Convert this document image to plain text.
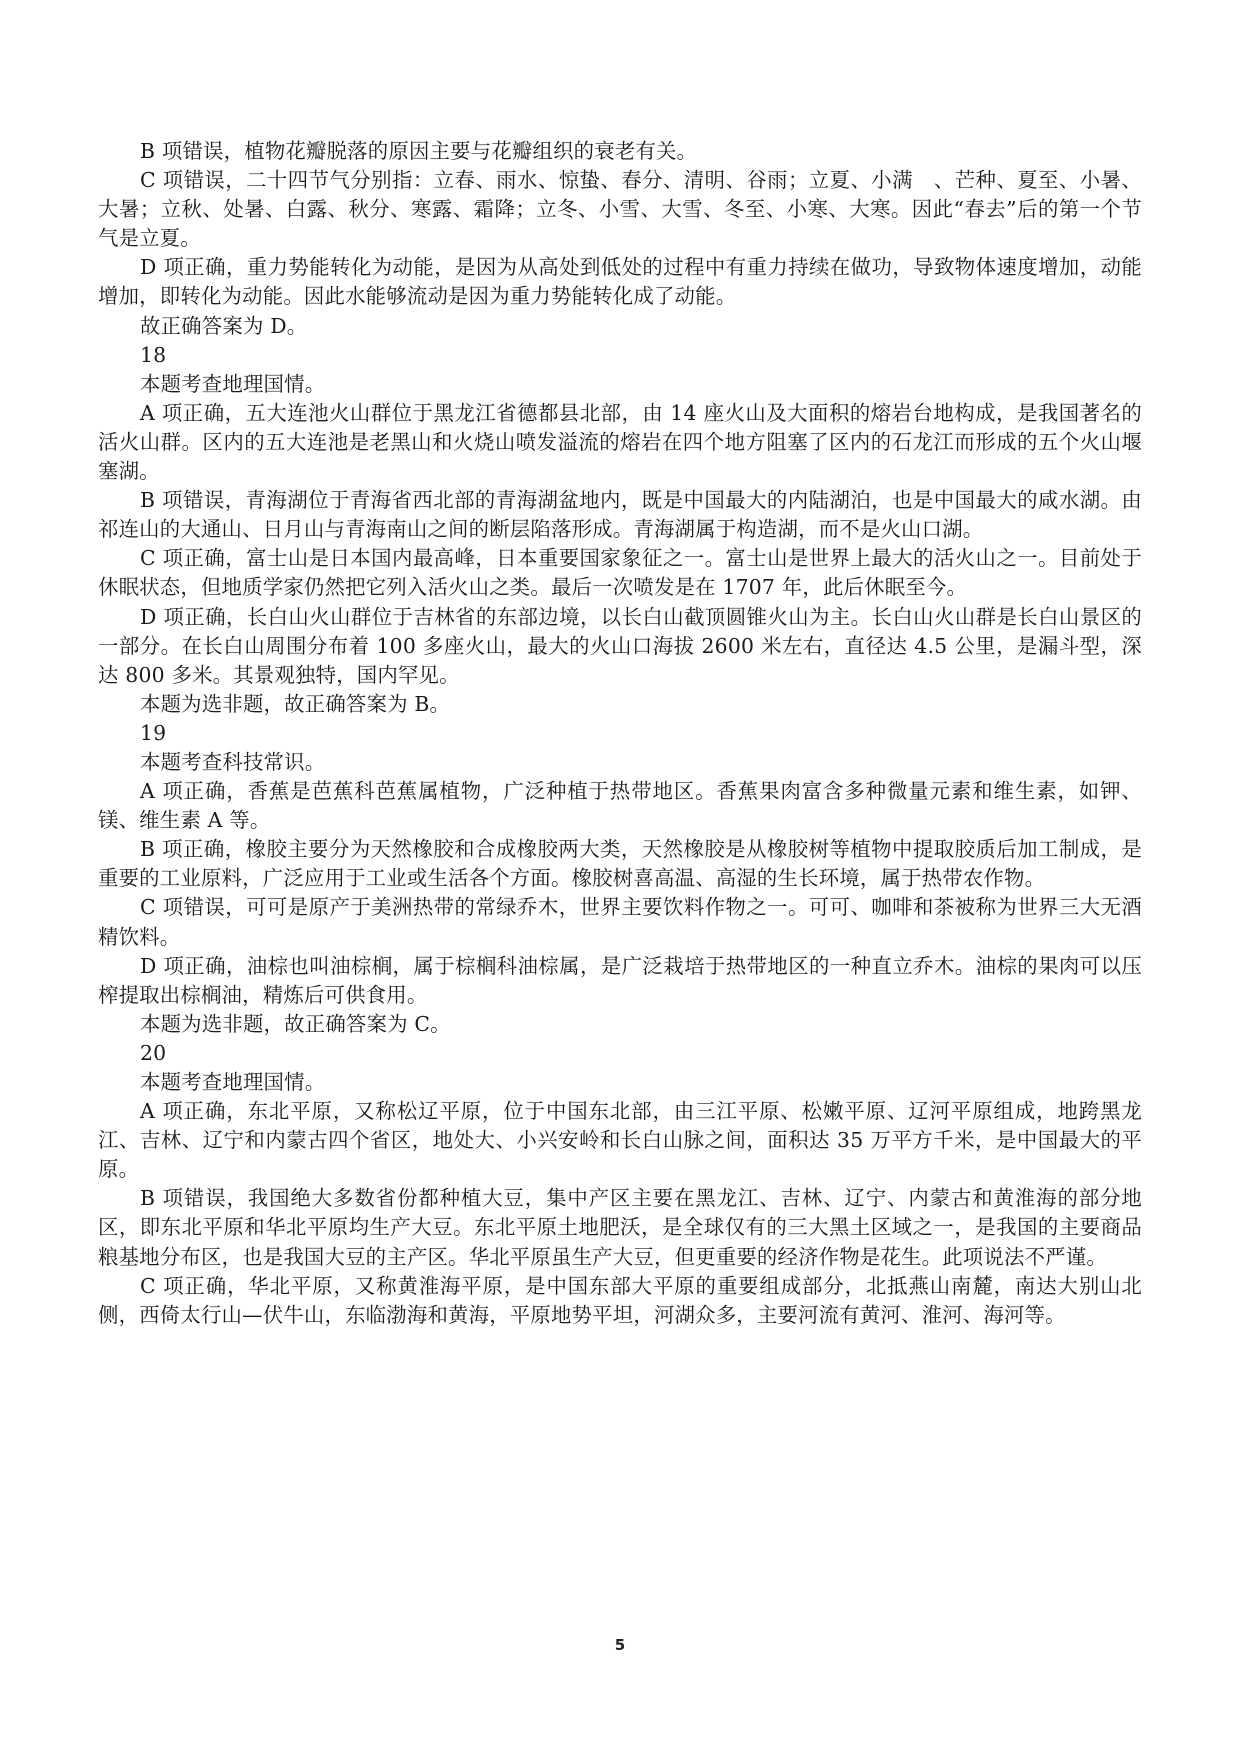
B 项错误，植物花瓣脱落的原因主要与花瓣组织的衰老有关。

C 项错误，二十四节气分别指：立春、雨水、惊蛰、春分、清明、谷雨；立夏、小满　、芒种、夏至、小暑、大暑；立秋、处暑、白露、秋分、寒露、霜降；立冬、小雪、大雪、冬至、小寒、大寒。因此“春去”后的第一个节气是立夏。

D 项正确，重力势能转化为动能，是因为从高处到低处的过程中有重力持续在做功，导致物体速度增加，动能增加，即转化为动能。因此水能够流动是因为重力势能转化成了动能。

故正确答案为 D。

18

本题考查地理国情。

A 项正确，五大连池火山群位于黑龙江省德都县北部，由 14 座火山及大面积的熔岩台地构成，是我国著名的活火山群。区内的五大连池是老黑山和火烧山喷发溢流的熔岩在四个地方阻塞了区内的石龙江而形成的五个火山堰塞湖。

B 项错误，青海湖位于青海省西北部的青海湖盆地内，既是中国最大的内陆湖泊，也是中国最大的咸水湖。由祁连山的大通山、日月山与青海南山之间的断层陷落形成。青海湖属于构造湖，而不是火山口湖。

C 项正确，富士山是日本国内最高峰，日本重要国家象征之一。富士山是世界上最大的活火山之一。目前处于休眠状态，但地质学家仍然把它列入活火山之类。最后一次喷发是在 1707 年，此后休眠至今。

D 项正确，长白山火山群位于吉林省的东部边境，以长白山截顶圆锥火山为主。长白山火山群是长白山景区的一部分。在长白山周围分布着 100 多座火山，最大的火山口海拔 2600 米左右，直径达 4.5 公里，是漏斗型，深达 800 多米。其景观独特，国内罕见。

本题为选非题，故正确答案为 B。

19

本题考查科技常识。

A 项正确，香蕉是芭蕉科芭蕉属植物，广泛种植于热带地区。香蕉果肉富含多种微量元素和维生素，如钾、镁、维生素 A 等。

B 项正确，橡胶主要分为天然橡胶和合成橡胶两大类，天然橡胶是从橡胶树等植物中提取胶质后加工制成，是重要的工业原料，广泛应用于工业或生活各个方面。橡胶树喜高温、高湿的生长环境，属于热带农作物。

C 项错误，可可是原产于美洲热带的常绿乔木，世界主要饮料作物之一。可可、咖啡和茶被称为世界三大无酒精饮料。

D 项正确，油棕也叫油棕榈，属于棕榈科油棕属，是广泛栽培于热带地区的一种直立乔木。油棕的果肉可以压榨提取出棕榈油，精炼后可供食用。

本题为选非题，故正确答案为 C。

20

本题考查地理国情。

A 项正确，东北平原，又称松辽平原，位于中国东北部，由三江平原、松嫩平原、辽河平原组成，地跨黑龙江、吉林、辽宁和内蒙古四个省区，地处大、小兴安岭和长白山脉之间，面积达 35 万平方千米，是中国最大的平原。

B 项错误，我国绝大多数省份都种植大豆，集中产区主要在黑龙江、吉林、辽宁、内蒙古和黄淮海的部分地区，即东北平原和华北平原均生产大豆。东北平原土地肥沃，是全球仅有的三大黑土区域之一，是我国的主要商品粮基地分布区，也是我国大豆的主产区。华北平原虽生产大豆，但更重要的经济作物是花生。此项说法不严谨。

C 项正确，华北平原，又称黄淮海平原，是中国东部大平原的重要组成部分，北抵燕山南麓，南达大别山北侧，西倚太行山—伏牛山，东临渤海和黄海，平原地势平坦，河湖众多，主要河流有黄河、淮河、海河等。

5
